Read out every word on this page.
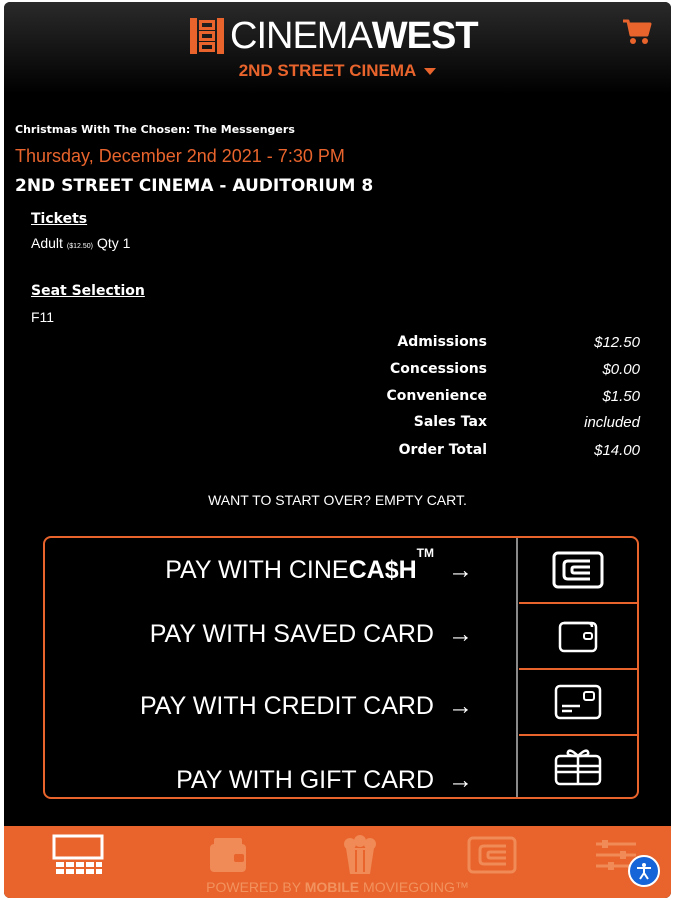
CINEMAWEST
2ND STREET CINEMA
Christmas With The Chosen: The Messengers
Thursday, December 2nd 2021 - 7:30 PM
2ND STREET CINEMA - AUDITORIUM 8
Tickets
Adult ($12.50) Qty 1
Seat Selection
F11
Admissions	$12.50
Concessions	$0.00
Convenience	$1.50
Sales Tax	included
Order Total	$14.00
WANT TO START OVER? EMPTY CART.
PAY WITH CINECA$H™→
PAY WITH SAVED CARD →
PAY WITH CREDIT CARD →
PAY WITH GIFT CARD →
POWERED BY MOBILE MOVIEGOING™
